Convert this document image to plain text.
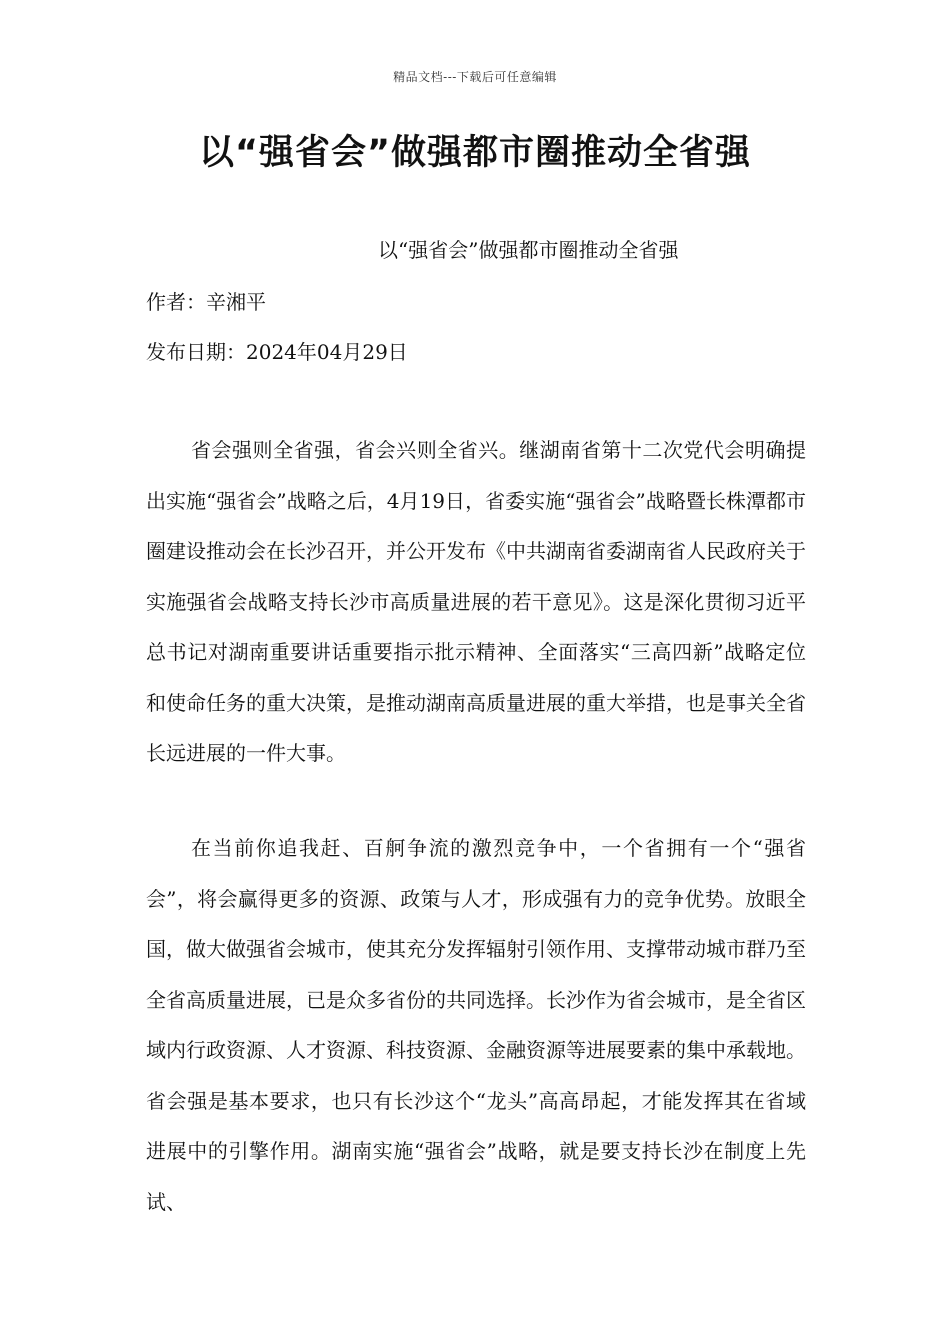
精品文档---下载后可任意编辑
以“强省会”做强都市圈推动全省强
以“强省会”做强都市圈推动全省强
作者：辛湘平
发布日期：2024年04月29日

省会强则全省强，省会兴则全省兴。继湖南省第十二次党代会明确提出实施“强省会”战略之后，4月19日，省委实施“强省会”战略暨长株潭都市圈建设推动会在长沙召开，并公开发布《中共湖南省委湖南省人民政府关于实施强省会战略支持长沙市高质量进展的若干意见》。这是深化贯彻习近平总书记对湖南重要讲话重要指示批示精神、全面落实“三高四新”战略定位和使命任务的重大决策，是推动湖南高质量进展的重大举措，也是事关全省长远进展的一件大事。

在当前你追我赶、百舸争流的激烈竞争中，一个省拥有一个“强省会”，将会赢得更多的资源、政策与人才，形成强有力的竞争优势。放眼全国，做大做强省会城市，使其充分发挥辐射引领作用、支撑带动城市群乃至全省高质量进展，已是众多省份的共同选择。长沙作为省会城市，是全省区域内行政资源、人才资源、科技资源、金融资源等进展要素的集中承载地。省会强是基本要求，也只有长沙这个“龙头”高高昂起，才能发挥其在省域进展中的引擎作用。湖南实施“强省会”战略，就是要支持长沙在制度上先试、
